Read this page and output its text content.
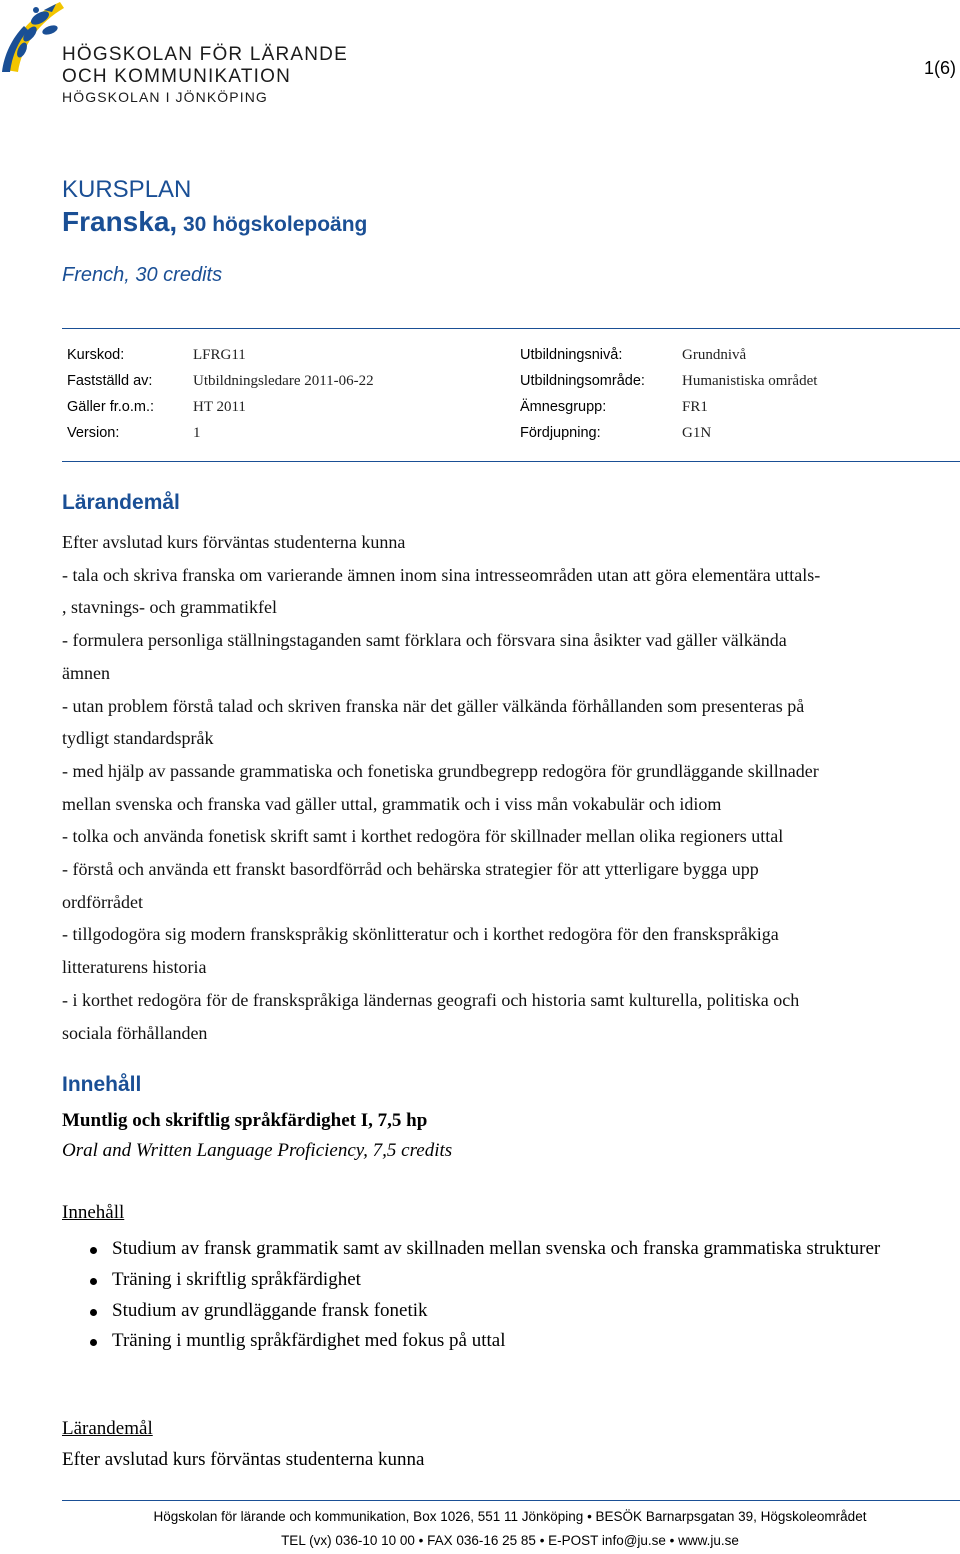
HÖGSKOLAN FÖR LÄRANDE
OCH KOMMUNIKATION
HÖGSKOLAN I JÖNKÖPING
1(6)
KURSPLAN
Franska, 30 högskolepoäng
French, 30 credits
Kurskod:	LFRG11
Fastställd av:	Utbildningsledare 2011-06-22
Gäller fr.o.m.:	HT 2011
Version:	1
Utbildningsnivå:	Grundnivå
Utbildningsområde: Humanistiska området
Ämnesgrupp:	FR1
Fördjupning:	G1N
Lärandemål

Efter avslutad kurs förväntas studenterna kunna

- tala och skriva franska om varierande ämnen inom sina intresseområden utan att göra elementära uttals-

, stavnings- och grammatikfel

- formulera personliga ställningstaganden samt förklara och försvara sina åsikter vad gäller välkända

ämnen

- utan problem förstå talad och skriven franska när det gäller välkända förhållanden som presenteras på

tydligt standardspråk

- med hjälp av passande grammatiska och fonetiska grundbegrepp redogöra för grundläggande skillnader

mellan svenska och franska vad gäller uttal, grammatik och i viss mån vokabulär och idiom

- tolka och använda fonetisk skrift samt i korthet redogöra för skillnader mellan olika regioners uttal

- förstå och använda ett franskt basordförråd och behärska strategier för att ytterligare bygga upp

ordförrådet

- tillgodogöra sig modern franskspråkig skönlitteratur och i korthet redogöra för den franskspråkiga

litteraturens historia

- i korthet redogöra för de franskspråkiga ländernas geografi och historia samt kulturella, politiska och

sociala förhållanden

Innehåll
Muntlig och skriftlig språkfärdighet I, 7,5 hp
Oral and Written Language Proficiency, 7,5 credits
Innehåll
Studium av fransk grammatik samt av skillnaden mellan svenska och franska grammatiska strukturer
Träning i skriftlig språkfärdighet
Studium av grundläggande fransk fonetik
Träning i muntlig språkfärdighet med fokus på uttal
Lärandemål
Efter avslutad kurs förväntas studenterna kunna
Högskolan för lärande och kommunikation, Box 1026, 551 11 Jönköping • BESÖK Barnarpsgatan 39, Högskoleområdet
TEL (vx) 036-10 10 00 • FAX 036-16 25 85 • E-POST info@ju.se • www.ju.se
